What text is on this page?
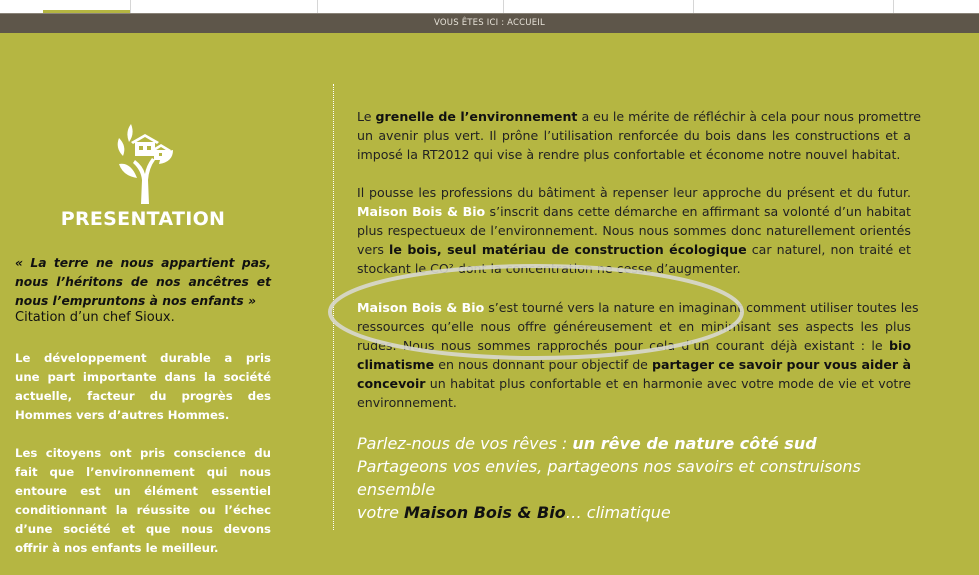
VOUS ÊTES ICI : ACCUEIL
PRESENTATION
« La terre ne nous appartient pas,
nous l’héritons de nos ancêtres et
nous l’empruntons à nos enfants »
Citation d’un chef Sioux.
Le développement durable a pris
une part importante dans la société
actuelle, facteur du progrès des
Hommes vers d’autres Hommes.
Les citoyens ont pris conscience du
fait que l’environnement qui nous
entoure est un élément essentiel
conditionnant la réussite ou l’échec
d’une société et que nous devons
offrir à nos enfants le meilleur.

Le grenelle de l’environnement a eu le mérite de réfléchir à cela pour nous promettre
un avenir plus vert. Il prône l’utilisation renforcée du bois dans les constructions et a
imposé la RT2012 qui vise à rendre plus confortable et économe notre nouvel habitat.

Il pousse les professions du bâtiment à repenser leur approche du présent et du futur.
Maison Bois & Bio s’inscrit dans cette démarche en affirmant sa volonté d’un habitat
plus respectueux de l’environnement. Nous nous sommes donc naturellement orientés
vers le bois, seul matériau de construction écologique car naturel, non traité et
stockant le CO² dont la concentration ne cesse d’augmenter.

Maison Bois & Bio s’est tourné vers la nature en imaginant comment utiliser toutes les
ressources qu’elle nous offre généreusement et en minimisant ses aspects les plus
rudes. Nous nous sommes rapprochés pour cela d’un courant déjà existant : le bio
climatisme en nous donnant pour objectif de partager ce savoir pour vous aider à
concevoir un habitat plus confortable et en harmonie avec votre mode de vie et votre
environnement.

Parlez-nous de vos rêves : un rêve de nature côté sud
Partageons vos envies, partageons nos savoirs et construisons ensemble
votre Maison Bois & Bio… climatique
